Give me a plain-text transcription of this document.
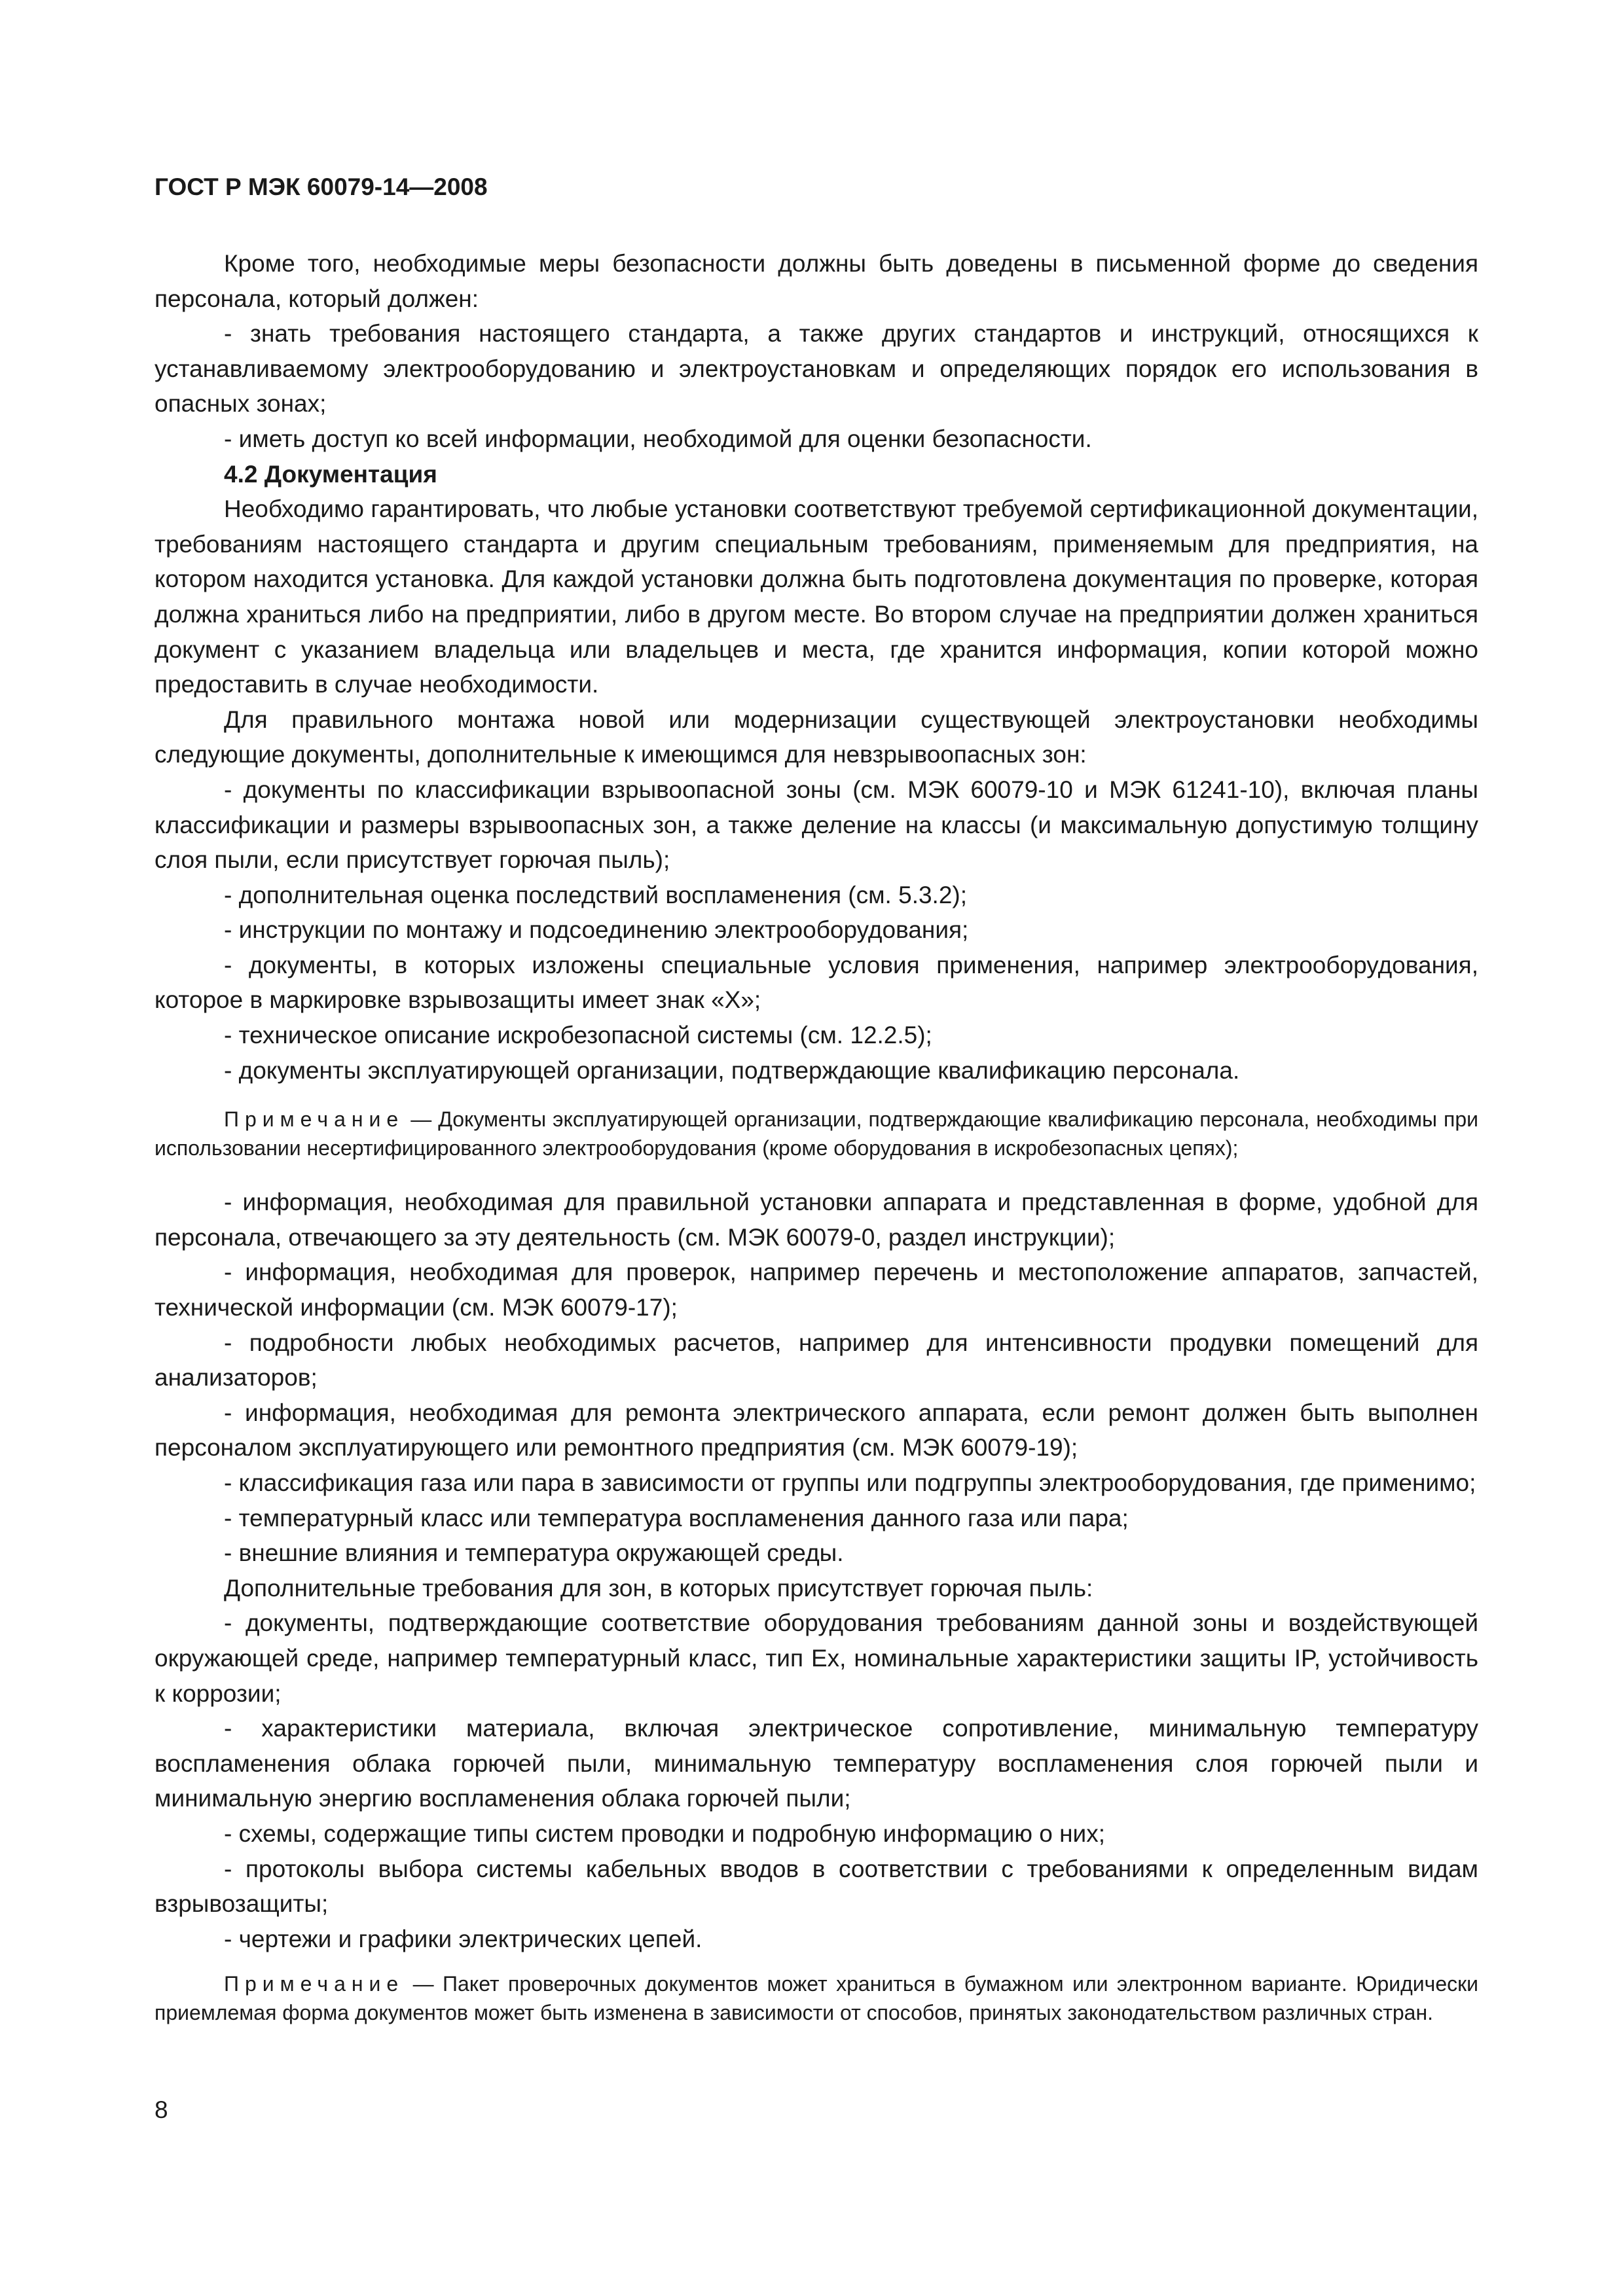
ГОСТ Р МЭК 60079-14—2008

Кроме того, необходимые меры безопасности должны быть доведены в письменной форме до сведения персонала, который должен:

- знать требования настоящего стандарта, а также других стандартов и инструкций, относящихся к устанавливаемому электрооборудованию и электроустановкам и определяющих порядок его использования в опасных зонах;

- иметь доступ ко всей информации, необходимой для оценки безопасности.

4.2 Документация

Необходимо гарантировать, что любые установки соответствуют требуемой сертификационной документации, требованиям настоящего стандарта и другим специальным требованиям, применяемым для предприятия, на котором находится установка. Для каждой установки должна быть подготовлена документация по проверке, которая должна храниться либо на предприятии, либо в другом месте. Во втором случае на предприятии должен храниться документ с указанием владельца или владельцев и места, где хранится информация, копии которой можно предоставить в случае необходимости.

Для правильного монтажа новой или модернизации существующей электроустановки необходимы следующие документы, дополнительные к имеющимся для невзрывоопасных зон:

- документы по классификации взрывоопасной зоны (см. МЭК 60079-10 и МЭК 61241-10), включая планы классификации и размеры взрывоопасных зон, а также деление на классы (и максимальную допустимую толщину слоя пыли, если присутствует горючая пыль);

- дополнительная оценка последствий воспламенения (см. 5.3.2);

- инструкции по монтажу и подсоединению электрооборудования;

- документы, в которых изложены специальные условия применения, например электрооборудования, которое в маркировке взрывозащиты имеет знак «X»;

- техническое описание искробезопасной системы (см. 12.2.5);

- документы эксплуатирующей организации, подтверждающие квалификацию персонала.

Примечание — Документы эксплуатирующей организации, подтверждающие квалификацию персонала, необходимы при использовании несертифицированного электрооборудования (кроме оборудования в искробезопасных цепях);

- информация, необходимая для правильной установки аппарата и представленная в форме, удобной для персонала, отвечающего за эту деятельность (см. МЭК 60079-0, раздел инструкции);

- информация, необходимая для проверок, например перечень и местоположение аппаратов, запчастей, технической информации (см. МЭК 60079-17);

- подробности любых необходимых расчетов, например для интенсивности продувки помещений для анализаторов;

- информация, необходимая для ремонта электрического аппарата, если ремонт должен быть выполнен персоналом эксплуатирующего или ремонтного предприятия (см. МЭК 60079-19);

- классификация газа или пара в зависимости от группы или подгруппы электрооборудования, где применимо;

- температурный класс или температура воспламенения данного газа или пара;

- внешние влияния и температура окружающей среды.

Дополнительные требования для зон, в которых присутствует горючая пыль:

- документы, подтверждающие соответствие оборудования требованиям данной зоны и воздействующей окружающей среде, например температурный класс, тип Ex, номинальные характеристики защиты IP, устойчивость к коррозии;

- характеристики материала, включая электрическое сопротивление, минимальную температуру воспламенения облака горючей пыли, минимальную температуру воспламенения слоя горючей пыли и минимальную энергию воспламенения облака горючей пыли;

- схемы, содержащие типы систем проводки и подробную информацию о них;

- протоколы выбора системы кабельных вводов в соответствии с требованиями к определенным видам взрывозащиты;

- чертежи и графики электрических цепей.

Примечание — Пакет проверочных документов может храниться в бумажном или электронном варианте. Юридически приемлемая форма документов может быть изменена в зависимости от способов, принятых законодательством различных стран.

8
